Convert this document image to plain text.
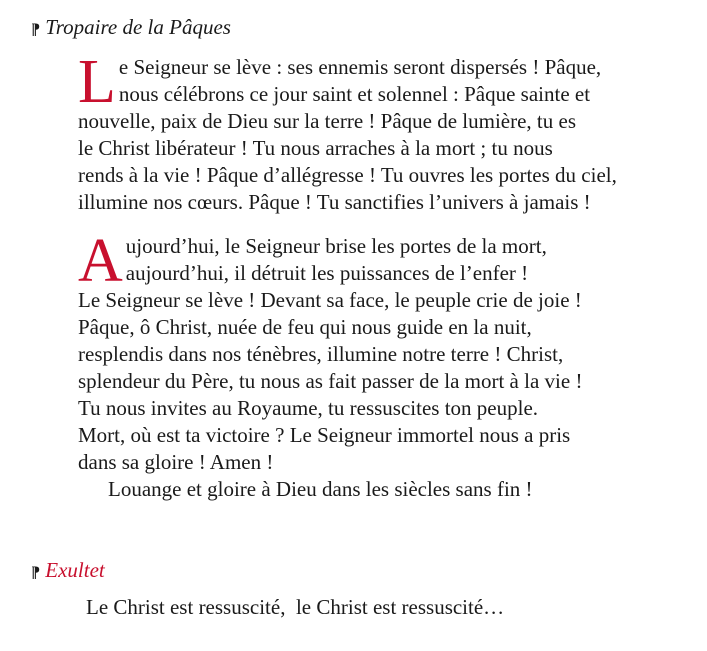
¶ Tropaire de la Pâques
L e Seigneur se lève : ses ennemis seront dispersés ! Pâque,
nous célébrons ce jour saint et solennel : Pâque sainte et
nouvelle, paix de Dieu sur la terre ! Pâque de lumière, tu es
le Christ libérateur ! Tu nous arraches à la mort ; tu nous
rends à la vie ! Pâque d’allégresse ! Tu ouvres les portes du ciel,
illumine nos cœurs. Pâque ! Tu sanctifies l’univers à jamais !
A ujourd’hui, le Seigneur brise les portes de la mort,
aujourd’hui, il détruit les puissances de l’enfer !
Le Seigneur se lève ! Devant sa face, le peuple crie de joie !
Pâque, ô Christ, nuée de feu qui nous guide en la nuit,
resplendis dans nos ténèbres, illumine notre terre ! Christ,
splendeur du Père, tu nous as fait passer de la mort à la vie !
Tu nous invites au Royaume, tu ressuscites ton peuple.
Mort, où est ta victoire ? Le Seigneur immortel nous a pris
dans sa gloire ! Amen !
Louange et gloire à Dieu dans les siècles sans fin !
¶ Exultet
Le Christ est ressuscité,  le Christ est ressuscité…
